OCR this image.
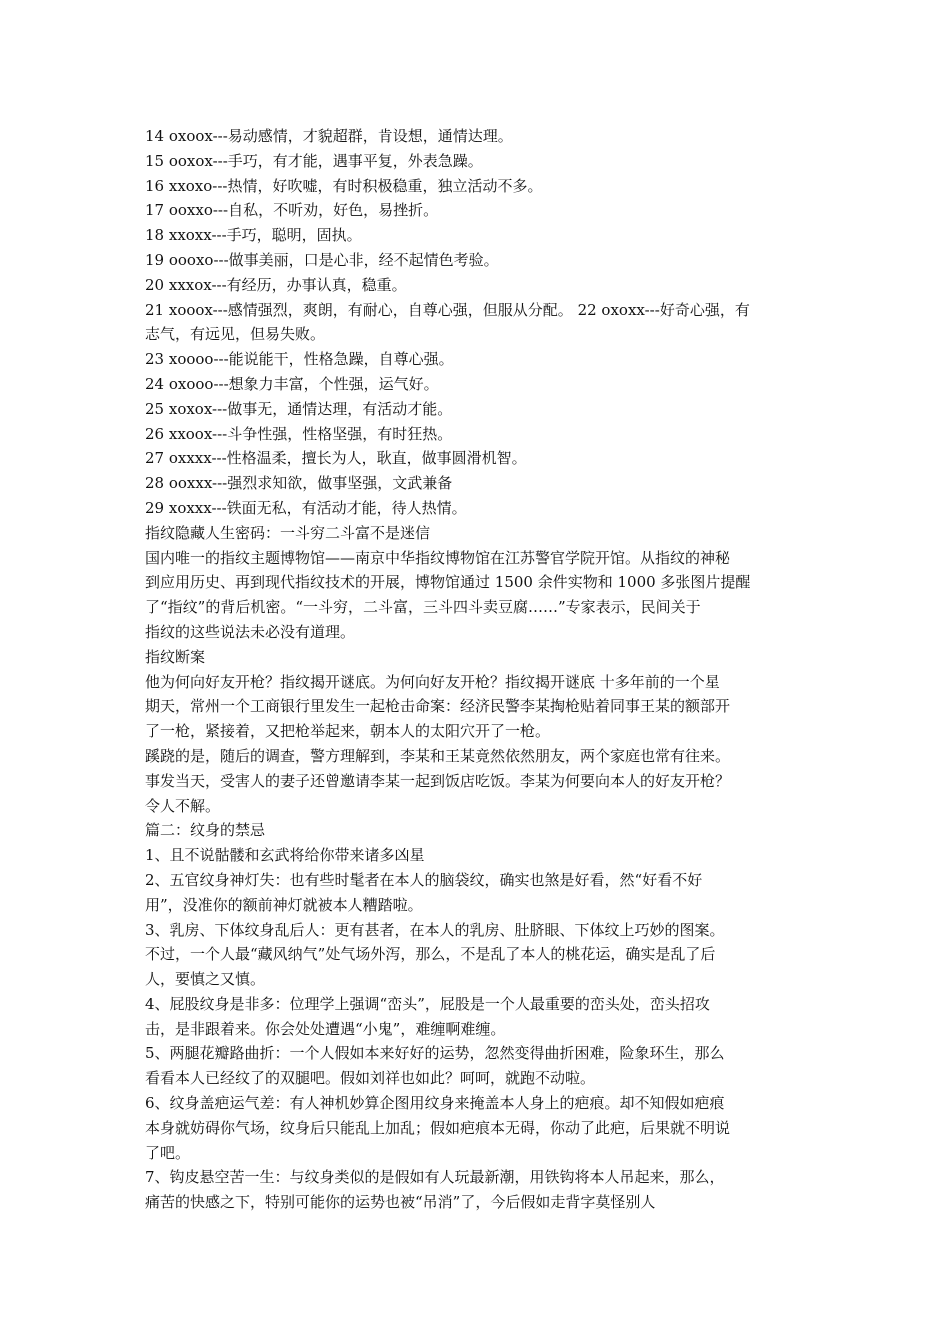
14 oxoox---易动感情，才貌超群，肯设想，通情达理。

15 ooxox---手巧，有才能，遇事平复，外表急躁。

16 xxoxo---热情，好吹嘘，有时积极稳重，独立活动不多。

17 ooxxo---自私，不听劝，好色，易挫折。

18 xxoxx---手巧，聪明，固执。

19 oooxo---做事美丽，口是心非，经不起情色考验。

20 xxxox---有经历，办事认真，稳重。

21 xooox---感情强烈，爽朗，有耐心，自尊心强，但服从分配。 22 oxoxx---好奇心强，有

志气，有远见，但易失败。

23 xoooo---能说能干，性格急躁，自尊心强。

24 oxooo---想象力丰富，个性强，运气好。

25 xoxox---做事无，通情达理，有活动才能。

26 xxoox---斗争性强，性格坚强，有时狂热。

27 oxxxx---性格温柔，擅长为人，耿直，做事圆滑机智。

28 ooxxx---强烈求知欲，做事坚强，文武兼备

29 xoxxx---铁面无私，有活动才能，待人热情。

指纹隐藏人生密码：一斗穷二斗富不是迷信

国内唯一的指纹主题博物馆——南京中华指纹博物馆在江苏警官学院开馆。从指纹的神秘

到应用历史、再到现代指纹技术的开展，博物馆通过 1500 余件实物和 1000 多张图片提醒

了“指纹”的背后机密。“一斗穷，二斗富，三斗四斗卖豆腐……”专家表示，民间关于

指纹的这些说法未必没有道理。

指纹断案

他为何向好友开枪？指纹揭开谜底。为何向好友开枪？指纹揭开谜底 十多年前的一个星

期天，常州一个工商银行里发生一起枪击命案：经济民警李某掏枪贴着同事王某的额部开

了一枪，紧接着，又把枪举起来，朝本人的太阳穴开了一枪。

蹊跷的是，随后的调查，警方理解到，李某和王某竟然依然朋友，两个家庭也常有往来。

事发当天，受害人的妻子还曾邀请李某一起到饭店吃饭。李某为何要向本人的好友开枪？

令人不解。

篇二：纹身的禁忌

1、且不说骷髅和玄武将给你带来诸多凶星

2、五官纹身神灯失：也有些时髦者在本人的脑袋纹，确实也煞是好看，然“好看不好

用”，没准你的额前神灯就被本人糟踏啦。

3、乳房、下体纹身乱后人：更有甚者，在本人的乳房、肚脐眼、下体纹上巧妙的图案。

不过，一个人最“藏风纳气”处气场外泻，那么，不是乱了本人的桃花运，确实是乱了后

人，要慎之又慎。

4、屁股纹身是非多：位理学上强调“峦头”，屁股是一个人最重要的峦头处，峦头招攻

击，是非跟着来。你会处处遭遇“小鬼”，难缠啊难缠。

5、两腿花瓣路曲折：一个人假如本来好好的运势，忽然变得曲折困难，险象环生，那么

看看本人已经纹了的双腿吧。假如刘祥也如此？呵呵，就跑不动啦。

6、纹身盖疤运气差：有人神机妙算企图用纹身来掩盖本人身上的疤痕。却不知假如疤痕

本身就妨碍你气场，纹身后只能乱上加乱；假如疤痕本无碍，你动了此疤，后果就不明说

了吧。

7、钩皮悬空苦一生：与纹身类似的是假如有人玩最新潮，用铁钩将本人吊起来，那么，

痛苦的快感之下，特别可能你的运势也被“吊消”了，今后假如走背字莫怪别人
